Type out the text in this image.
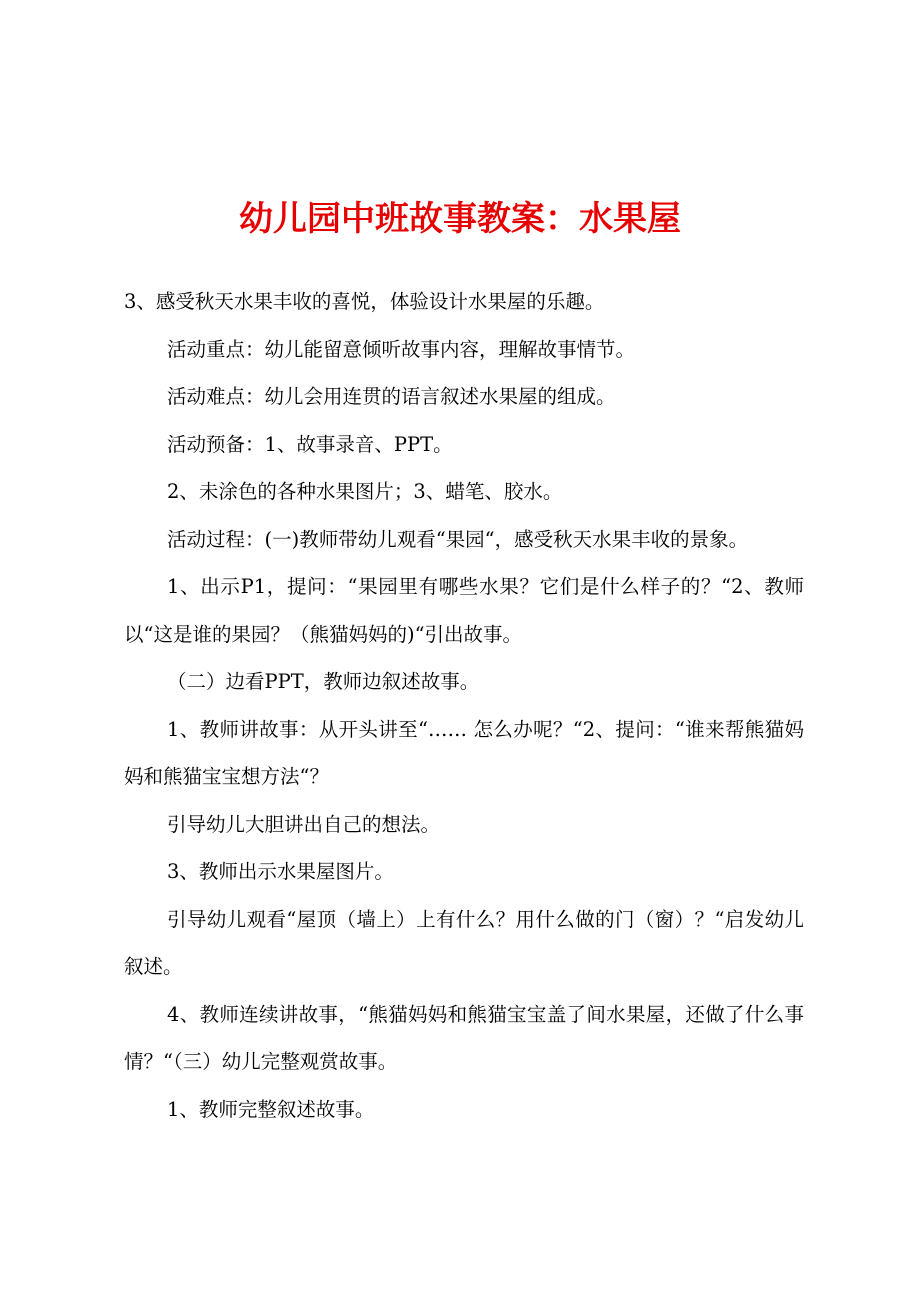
幼儿园中班故事教案：水果屋

3、感受秋天水果丰收的喜悦，体验设计水果屋的乐趣。

活动重点：幼儿能留意倾听故事内容，理解故事情节。

活动难点：幼儿会用连贯的语言叙述水果屋的组成。

活动预备：1、故事录音、PPT。

2、未涂色的各种水果图片；3、蜡笔、胶水。

活动过程：(一)教师带幼儿观看“果园“，感受秋天水果丰收的景象。

1、出示P1，提问：“果园里有哪些水果？它们是什么样子的？“2、教师以“这是谁的果园？（熊猫妈妈的)“引出故事。

（二）边看PPT，教师边叙述故事。

1、教师讲故事：从开头讲至“…… 怎么办呢？“2、提问：“谁来帮熊猫妈妈和熊猫宝宝想方法“？

引导幼儿大胆讲出自己的想法。

3、教师出示水果屋图片。

引导幼儿观看“屋顶（墙上）上有什么？用什么做的门（窗）？“启发幼儿叙述。

4、教师连续讲故事，“熊猫妈妈和熊猫宝宝盖了间水果屋，还做了什么事情？“（三）幼儿完整观赏故事。

1、教师完整叙述故事。
